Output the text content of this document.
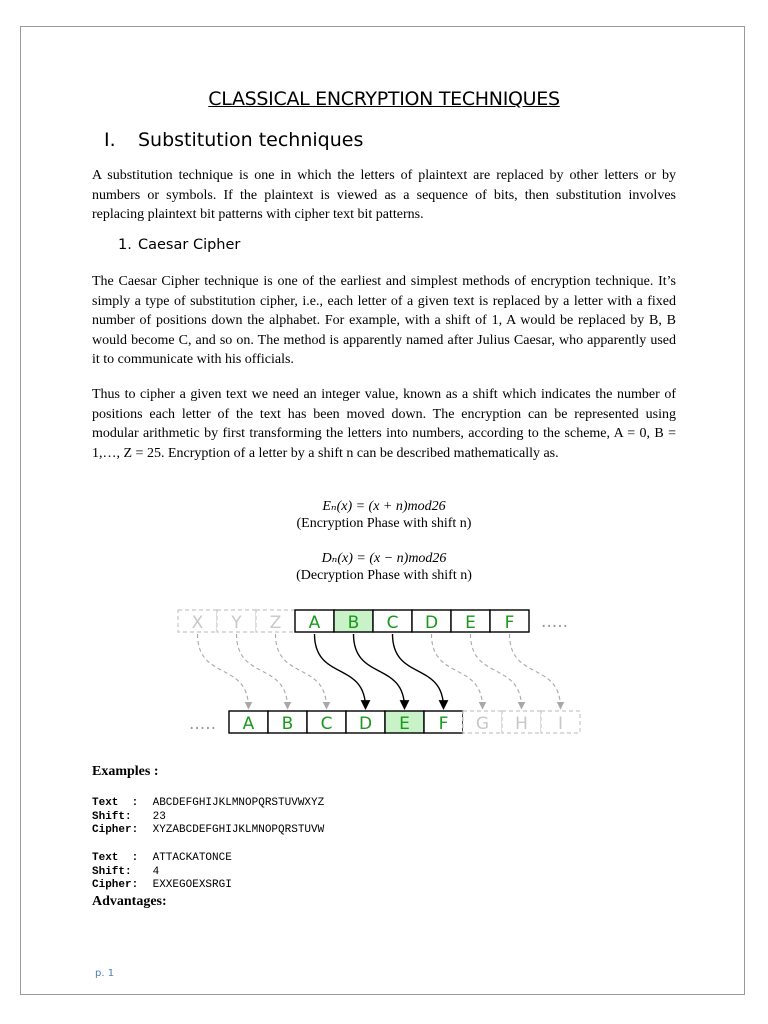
CLASSICAL ENCRYPTION TECHNIQUES
I. Substitution techniques

A substitution technique is one in which the letters of plaintext are replaced by other letters or by numbers or symbols. If the plaintext is viewed as a sequence of bits, then substitution involves replacing plaintext bit patterns with cipher text bit patterns.

1. Caesar Cipher

The Caesar Cipher technique is one of the earliest and simplest methods of encryption technique. It’s simply a type of substitution cipher, i.e., each letter of a given text is replaced by a letter with a fixed number of positions down the alphabet. For example, with a shift of 1, A would be replaced by B, B would become C, and so on. The method is apparently named after Julius Caesar, who apparently used it to communicate with his officials.

Thus to cipher a given text we need an integer value, known as a shift which indicates the number of positions each letter of the text has been moved down. The encryption can be represented using modular arithmetic by first transforming the letters into numbers, according to the scheme, A = 0, B = 1,…, Z = 25. Encryption of a letter by a shift n can be described mathematically as.

Eₙ(x) = (x + n)mod26
(Encryption Phase with shift n)
Dₙ(x) = (x − n)mod26
(Decryption Phase with shift n)
X Y Z A B C D E F .....
..... A B C D E F G H I
Examples :
Text  : ABCDEFGHIJKLMNOPQRSTUVWXYZ
Shift: 23
Cipher: XYZABCDEFGHIJKLMNOPQRSTUVW
Text  : ATTACKATONCE
Shift: 4
Cipher: EXXEGOEXSRGI
Advantages:
p. 1
